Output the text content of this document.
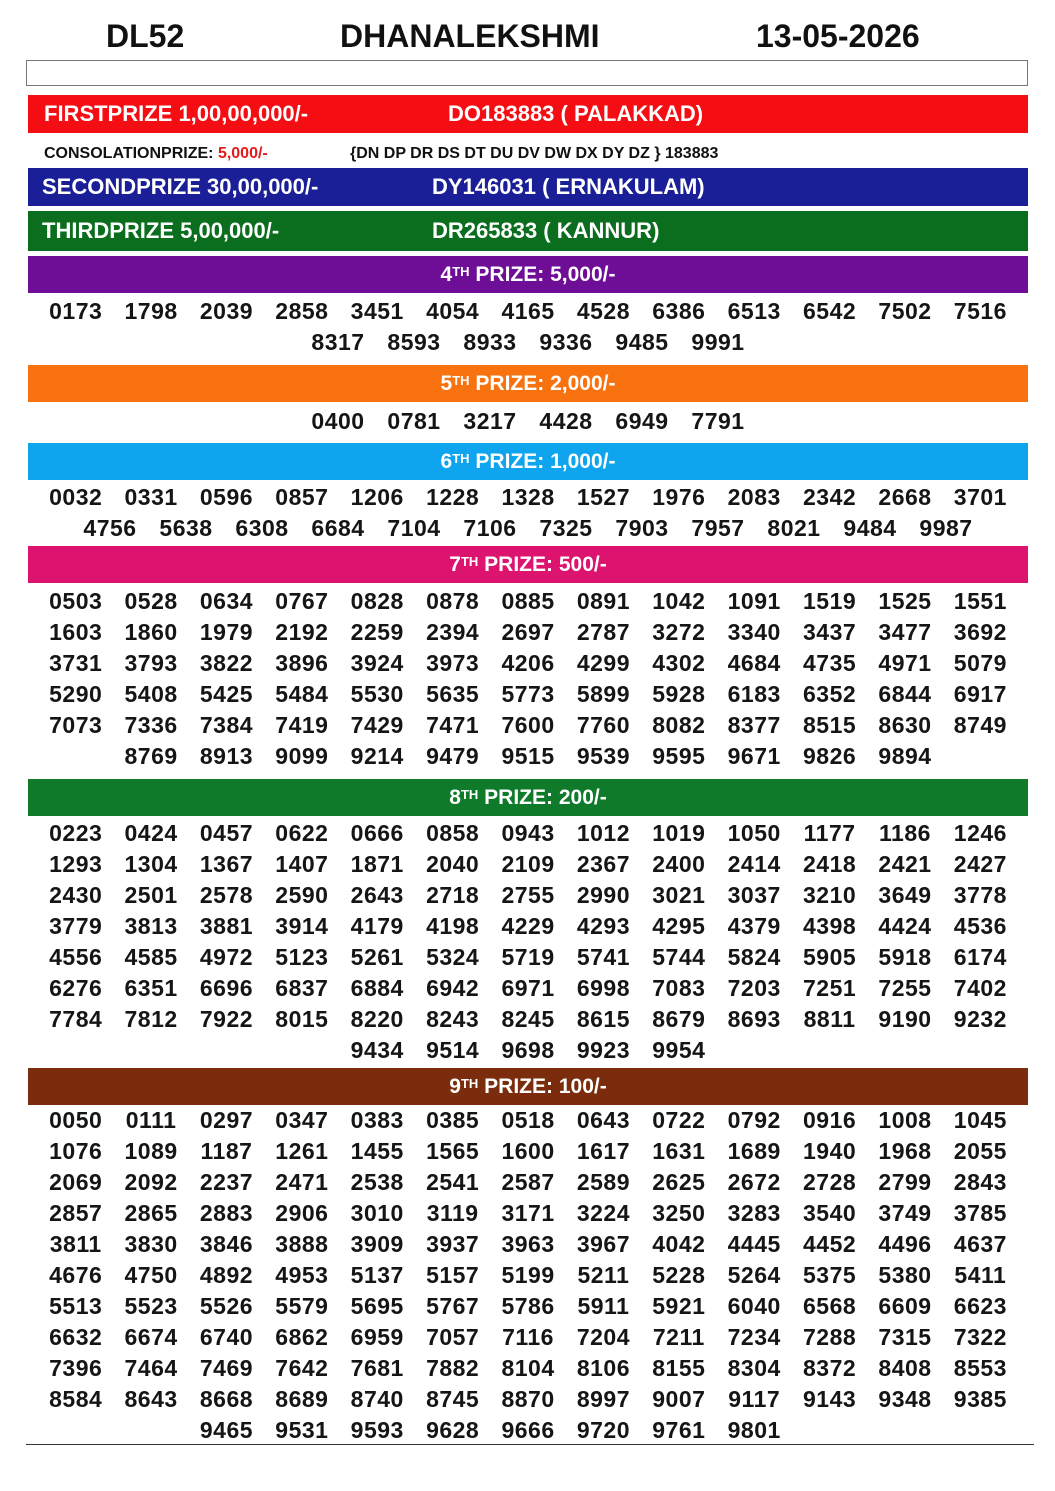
DL52	DHANALEKSHMI	13-05-2026
FIRSTPRIZE 1,00,00,000/-	DO183883 ( PALAKKAD)
CONSOLATIONPRIZE: 5,000/-	{DN DP DR DS DT DU DV DW DX DY DZ } 183883
SECONDPRIZE 30,00,000/-	DY146031 ( ERNAKULAM)
THIRDPRIZE 5,00,000/-	DR265833 ( KANNUR)
4TH PRIZE: 5,000/-
0173 1798 2039 2858 3451 4054 4165 4528 6386 6513 6542 7502 7516
8317 8593 8933 9336 9485 9991
5TH PRIZE: 2,000/-
0400 0781 3217 4428 6949 7791
6TH PRIZE: 1,000/-
0032 0331 0596 0857 1206 1228 1328 1527 1976 2083 2342 2668 3701
4756 5638 6308 6684 7104 7106 7325 7903 7957 8021 9484 9987
7TH PRIZE: 500/-
0503 0528 0634 0767 0828 0878 0885 0891 1042 1091 1519 1525 1551
1603 1860 1979 2192 2259 2394 2697 2787 3272 3340 3437 3477 3692
3731 3793 3822 3896 3924 3973 4206 4299 4302 4684 4735 4971 5079
5290 5408 5425 5484 5530 5635 5773 5899 5928 6183 6352 6844 6917
7073 7336 7384 7419 7429 7471 7600 7760 8082 8377 8515 8630 8749
8769 8913 9099 9214 9479 9515 9539 9595 9671 9826 9894
8TH PRIZE: 200/-
0223 0424 0457 0622 0666 0858 0943 1012 1019 1050 1177	1186 1246
1293 1304 1367 1407 1871 2040 2109 2367 2400 2414 2418 2421 2427
2430 2501 2578 2590 2643 2718 2755 2990 3021 3037 3210 3649 3778
3779 3813 3881 3914 4179 4198 4229 4293 4295 4379 4398 4424 4536
4556 4585 4972 5123 5261 5324 5719 5741 5744 5824 5905 5918 6174
6276 6351 6696 6837 6884 6942 6971 6998 7083 7203 7251 7255 7402
7784 7812 7922 8015 8220 8243 8245 8615 8679 8693 8811 9190 9232
9434 9514 9698 9923 9954
9TH PRIZE: 100/-
0050	0111	0297 0347 0383 0385 0518 0643 0722 0792 0916 1008 1045
1076 1089 1187 1261 1455 1565 1600 1617 1631 1689 1940 1968 2055
2069 2092 2237 2471 2538 2541 2587 2589 2625 2672 2728 2799 2843
2857 2865 2883 2906 3010 3119 3171 3224 3250 3283 3540 3749 3785
3811 3830 3846 3888 3909 3937 3963 3967 4042 4445 4452 4496 4637
4676 4750 4892 4953 5137 5157 5199 5211 5228 5264 5375 5380 5411
5513 5523 5526 5579 5695 5767 5786 5911 5921 6040 6568 6609 6623
6632 6674 6740 6862 6959 7057 7116 7204 7211 7234 7288 7315 7322
7396 7464 7469 7642 7681 7882 8104 8106 8155 8304 8372 8408 8553
8584 8643 8668 8689 8740 8745 8870 8997 9007 9117 9143 9348 9385
9465 9531 9593 9628 9666 9720 9761 9801
